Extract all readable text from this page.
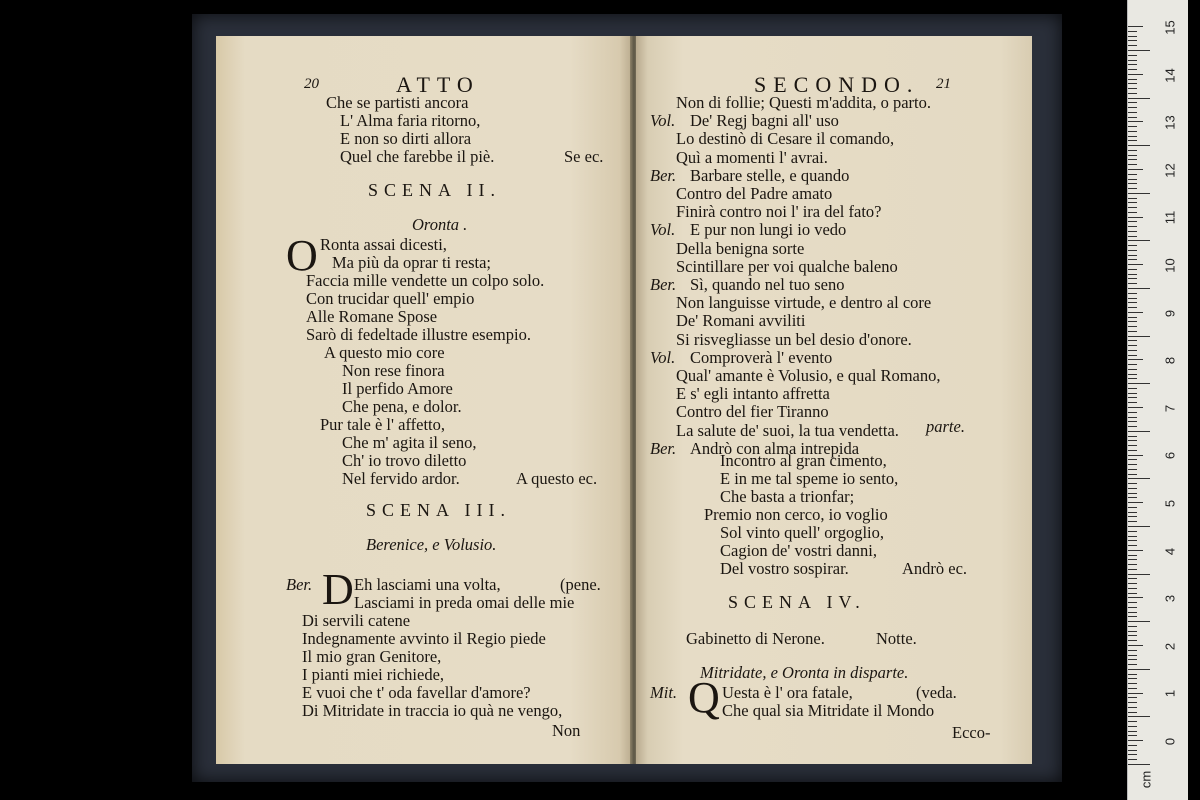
20	ATTO
Che se partisti ancora
L' Alma faria ritorno,
E non so dirti allora
Quel che farebbe il piè.	Se ec.
SCENA II.
Oronta .
O Ronta assai dicesti,
Ma più da oprar ti resta;
Faccia mille vendette un colpo solo.
Con trucidar quell' empio
Alle Romane Spose
Sarò di fedeltade illustre esempio.
A questo mio core
Non rese finora
Il perfido Amore
Che pena, e dolor.
Pur tale è l' affetto,
Che m' agita il seno,
Ch' io trovo diletto
Nel fervido ardor.	A questo ec.
SCENA III.
Berenice, e Volusio.
Ber. D Eh lasciami una volta,	(pene.
Lasciami in preda omai delle mie
Di servili catene
Indegnamente avvinto il Regio piede
Il mio gran Genitore,
I pianti miei richiede,
E vuoi che t' oda favellar d'amore?
Di Mitridate in traccia io quà ne vengo,
Non
SECONDO. 21
Non di follie; Questi m'addita, o parto.
Vol. De' Regj bagni all' uso
Lo destinò di Cesare il comando,
Quì a momenti l' avrai.
Ber. Barbare stelle, e quando
Contro del Padre amato
Finirà contro noi l' ira del fato?
Vol. E pur non lungi io vedo
Della benigna sorte
Scintillare per voi qualche baleno
Ber. Sì, quando nel tuo seno
Non languisse virtude, e dentro al core
De' Romani avviliti
Si risvegliasse un bel desio d'onore.
Vol. Comproverà l' evento
Qual' amante è Volusio, e qual Romano,
E s' egli intanto affretta
Contro del fier Tiranno
La salute de' suoi, la tua vendetta.
Ber. Andrò con alma intrepida
parte.
Incontro al gran cimento,
E in me tal speme io sento,
Che basta a trionfar;
Premio non cerco, io voglio
Sol vinto quell' orgoglio,
Cagion de' vostri danni,
Del vostro sospirar.	Andrò ec.
SCENA IV.
Gabinetto di Nerone.	Notte.
Mitridate, e Oronta in disparte.
Mit. Q Uesta è l' ora fatale,	(veda.
Che qual sia Mitridate il Mondo
Ecco-
15
14
13
12
11
10
9
8
7
6
5
4
3
2
1
0
cm
